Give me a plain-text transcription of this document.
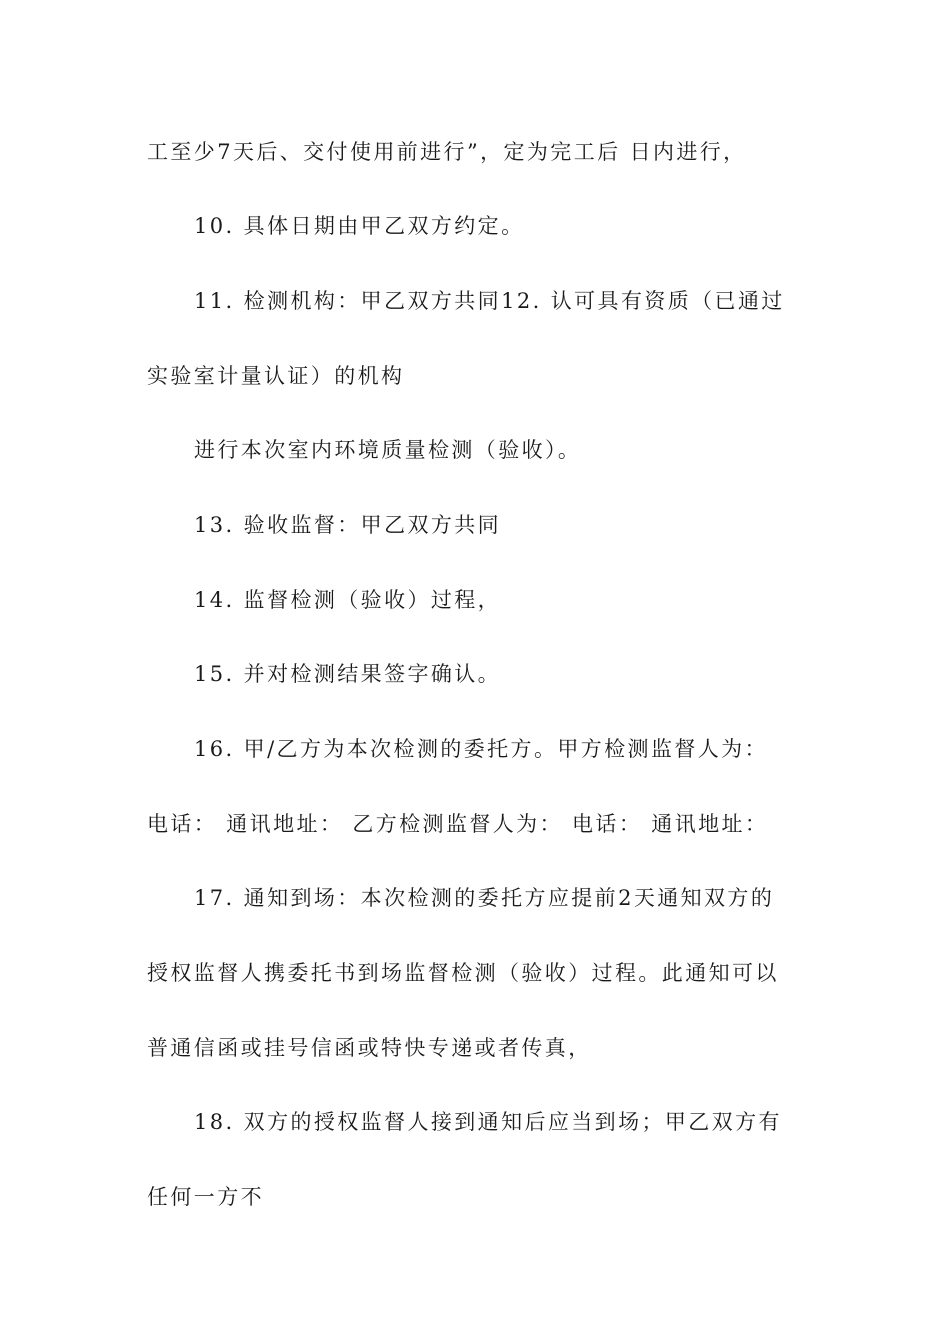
工至少7天后、交付使用前进行”，定为完工后 日内进行，
10. 具体日期由甲乙双方约定。
11. 检测机构：甲乙双方共同12. 认可具有资质（已通过
实验室计量认证）的机构
进行本次室内环境质量检测（验收）。
13. 验收监督：甲乙双方共同
14. 监督检测（验收）过程，
15. 并对检测结果签字确认。
16. 甲/乙方为本次检测的委托方。甲方检测监督人为：
电话： 通讯地址： 乙方检测监督人为： 电话： 通讯地址：
17. 通知到场：本次检测的委托方应提前2天通知双方的
授权监督人携委托书到场监督检测（验收）过程。此通知可以
普通信函或挂号信函或特快专递或者传真，
18. 双方的授权监督人接到通知后应当到场；甲乙双方有
任何一方不
